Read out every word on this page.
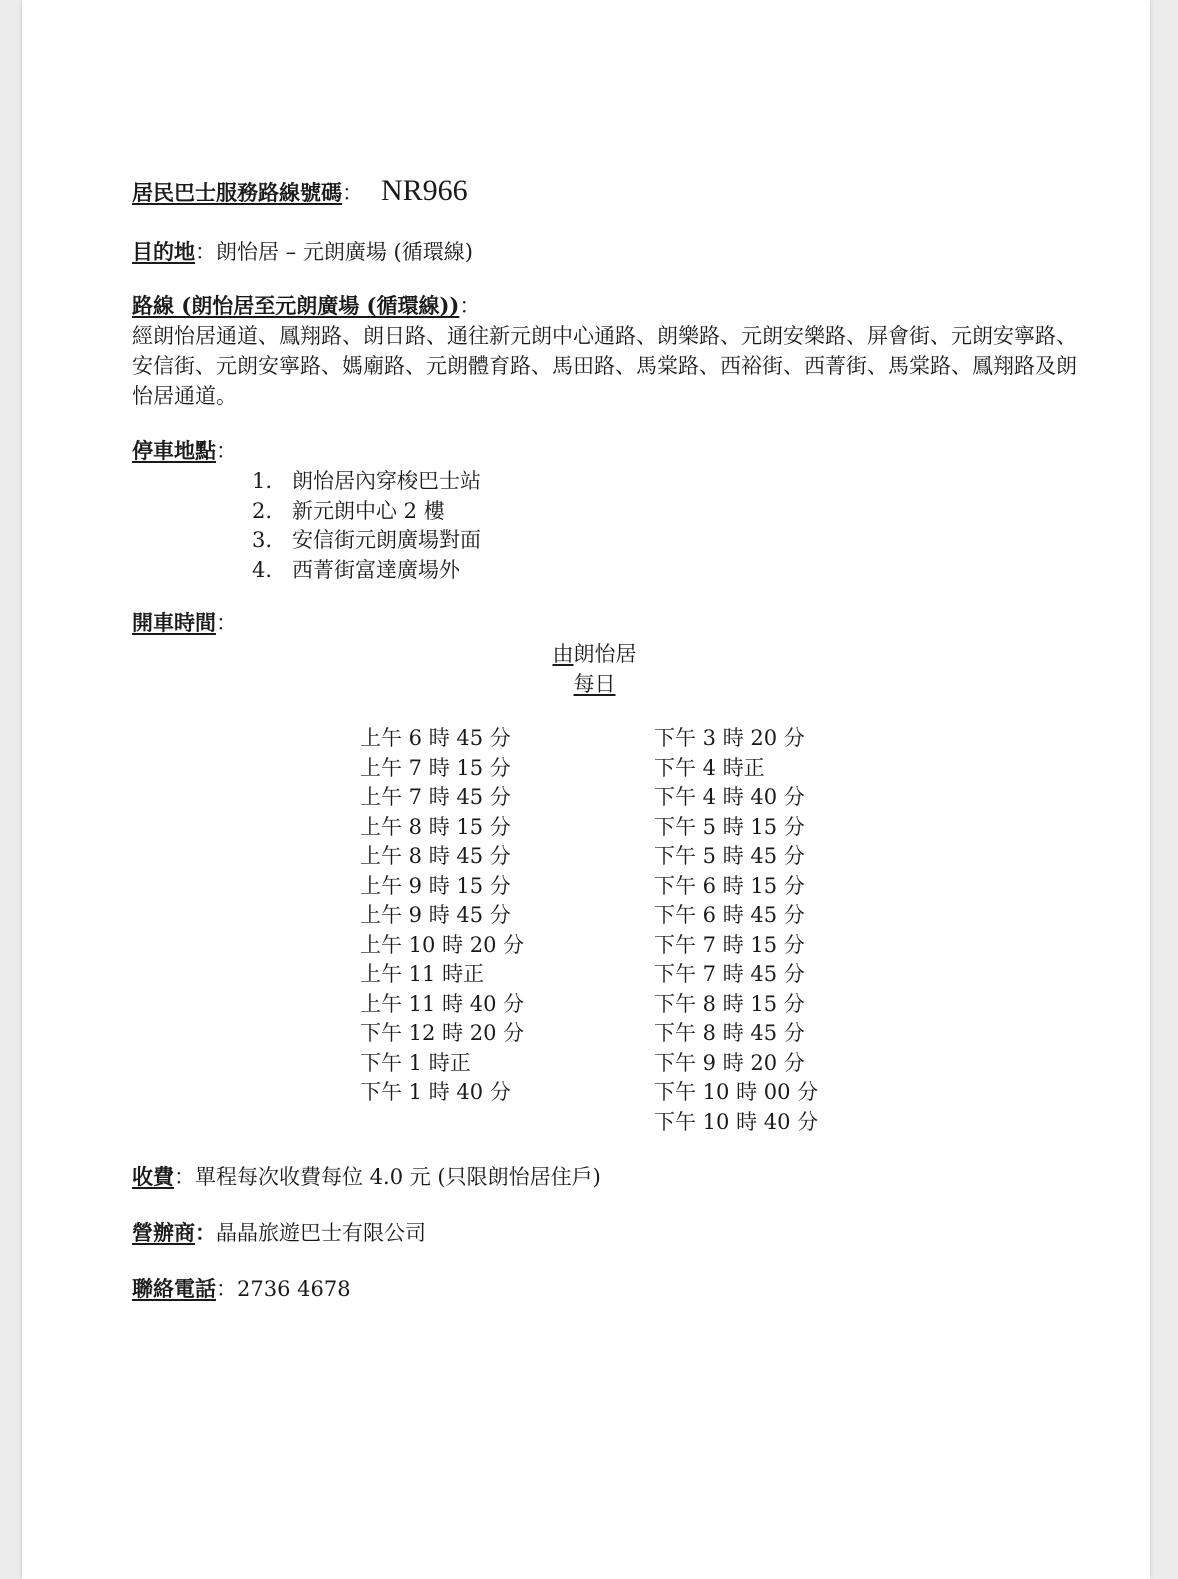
居民巴士服務路線號碼： NR966
目的地：朗怡居 – 元朗廣場 (循環線)
路線 (朗怡居至元朗廣場 (循環線))：
經朗怡居通道、鳳翔路、朗日路、通往新元朗中心通路、朗樂路、元朗安樂路、屏會街、元朗安寧路、安信街、元朗安寧路、媽廟路、元朗體育路、馬田路、馬棠路、西裕街、西菁街、馬棠路、鳳翔路及朗怡居通道。
停車地點：
1. 朗怡居內穿梭巴士站
2. 新元朗中心 2 樓
3. 安信街元朗廣場對面
4. 西菁街富達廣場外
開車時間：
由朗怡居
每日
上午 6 時 45 分
上午 7 時 15 分
上午 7 時 45 分
上午 8 時 15 分
上午 8 時 45 分
上午 9 時 15 分
上午 9 時 45 分
上午 10 時 20 分
上午 11 時正
上午 11 時 40 分
下午 12 時 20 分
下午 1 時正
下午 1 時 40 分
下午 3 時 20 分
下午 4 時正
下午 4 時 40 分
下午 5 時 15 分
下午 5 時 45 分
下午 6 時 15 分
下午 6 時 45 分
下午 7 時 15 分
下午 7 時 45 分
下午 8 時 15 分
下午 8 時 45 分
下午 9 時 20 分
下午 10 時 00 分
下午 10 時 40 分
收費：單程每次收費每位 4.0 元 (只限朗怡居住戶)
營辦商：晶晶旅遊巴士有限公司
聯絡電話：2736 4678
